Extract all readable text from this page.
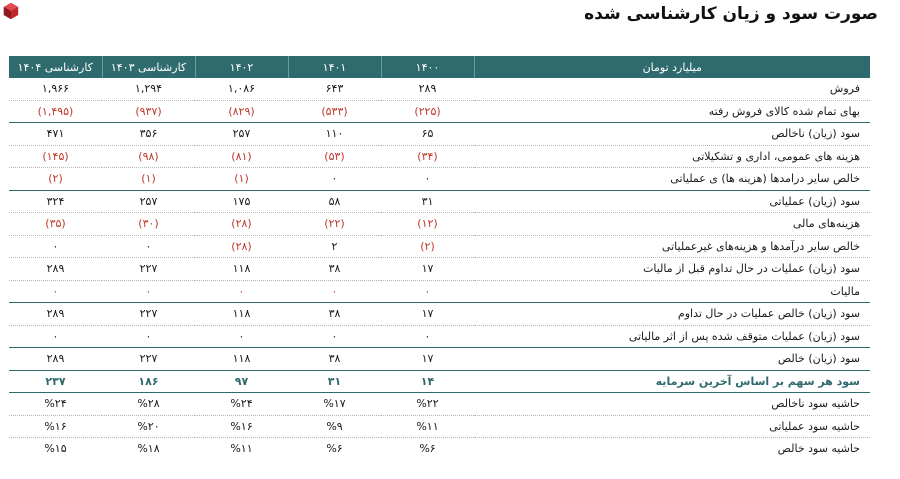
صورت سود و زیان کارشناسی شده
کارشناسی ۱۴۰۴	کارشناسی ۱۴۰۳	۱۴۰۲	۱۴۰۱	۱۴۰۰	میلیارد تومان
۱,۹۶۶	۱,۲۹۴	۱,۰۸۶	۶۴۳	۲۸۹	فروش
(۱,۴۹۵)	(۹۳۷)	(۸۲۹)	(۵۳۳)	(۲۲۵)	بهای تمام شده کالای فروش رفته
۴۷۱	۳۵۶	۲۵۷	۱۱۰	۶۵	سود (زیان) ناخالص
(۱۴۵)	(۹۸)	(۸۱)	(۵۳)	(۳۴)	هزینه های عمومی، اداری و تشکیلاتی
(۲)	(۱)	(۱)	۰	۰	خالص سایر درامدها (هزینه ها) ی عملیاتی
۳۲۴	۲۵۷	۱۷۵	۵۸	۳۱	سود (زیان) عملیاتی
(۳۵)	(۳۰)	(۲۸)	(۲۲)	(۱۲)	هزینه‌های مالی
۰	۰	(۲۸)	۲	(۲)	خالص سایر درآمدها و هزینه‌های غیرعملیاتی
۲۸۹	۲۲۷	۱۱۸	۳۸	۱۷	سود (زیان) عملیات در حال تداوم قبل از مالیات
۰	۰	۰	۰	۰	مالیات
۲۸۹	۲۲۷	۱۱۸	۳۸	۱۷	سود (زیان) خالص عملیات در حال تداوم
۰	۰	۰	۰	۰	سود (زیان) عملیات متوقف شده پس از اثر مالیاتی
۲۸۹	۲۲۷	۱۱۸	۳۸	۱۷	سود (زیان) خالص
۲۳۷	۱۸۶	۹۷	۳۱	۱۴	سود هر سهم بر اساس آخرین سرمایه
%۲۴	%۲۸	%۲۴	%۱۷	%۲۲	حاشیه سود ناخالص
%۱۶	%۲۰	%۱۶	%۹	%۱۱	حاشیه سود عملیاتی
%۱۵	%۱۸	%۱۱	%۶	%۶	حاشیه سود خالص
